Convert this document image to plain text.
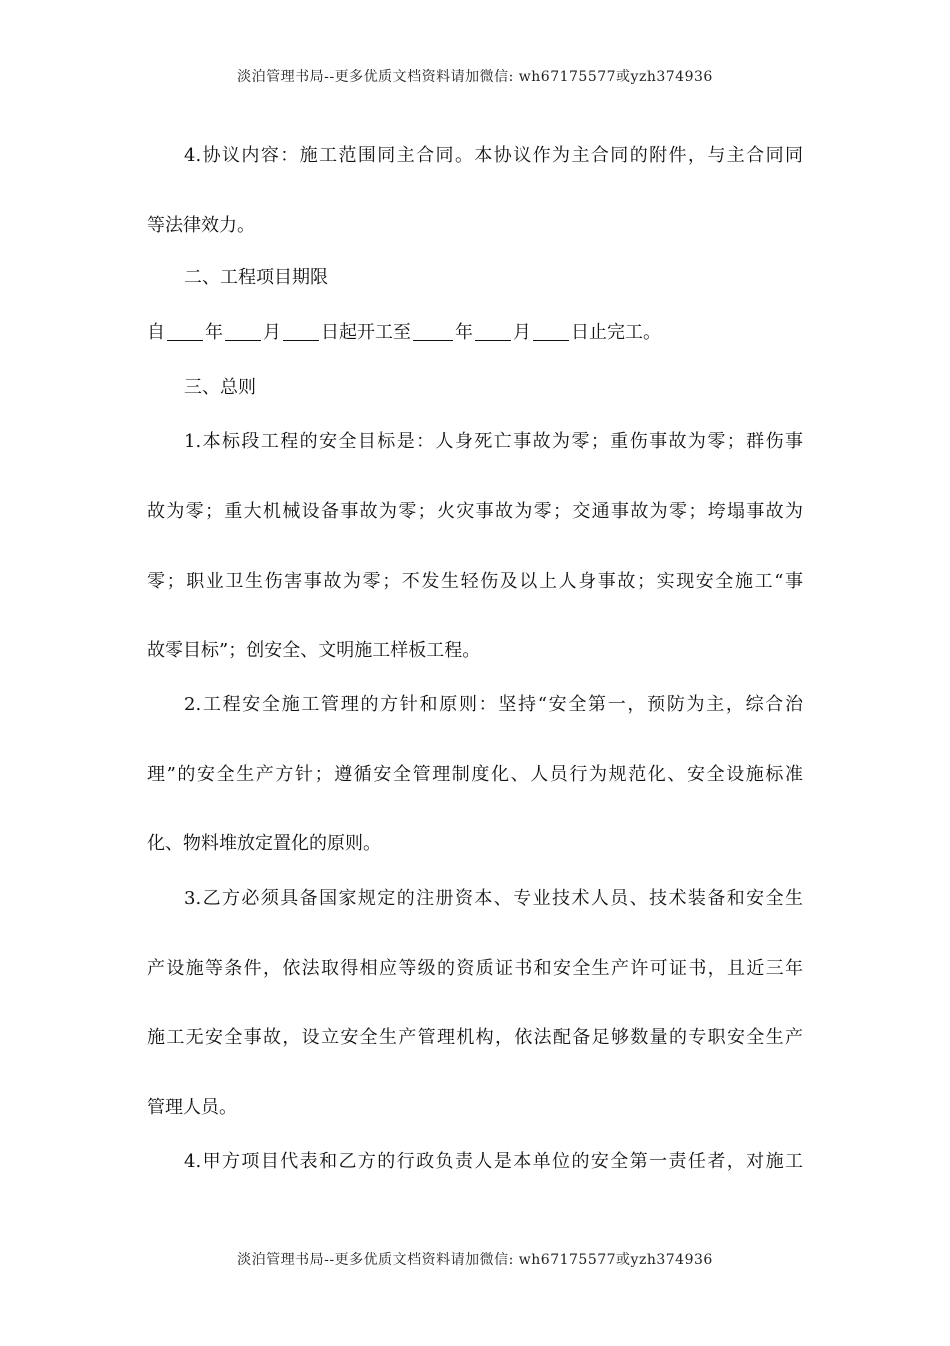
淡泊管理书局--更多优质文档资料请加微信: wh67175577或yzh374936
4.协议内容：施工范围同主合同。本协议作为主合同的附件，与主合同同
等法律效力。
二、工程项目期限
自 年 月 日起开工至 年 月 日止完工。
三、总则
1.本标段工程的安全目标是：人身死亡事故为零；重伤事故为零；群伤事
故为零；重大机械设备事故为零；火灾事故为零；交通事故为零；垮塌事故为
零；职业卫生伤害事故为零；不发生轻伤及以上人身事故；实现安全施工“事
故零目标”；创安全、文明施工样板工程。
2.工程安全施工管理的方针和原则：坚持“安全第一，预防为主，综合治
理”的安全生产方针；遵循安全管理制度化、人员行为规范化、安全设施标准
化、物料堆放定置化的原则。
3.乙方必须具备国家规定的注册资本、专业技术人员、技术装备和安全生
产设施等条件，依法取得相应等级的资质证书和安全生产许可证书，且近三年
施工无安全事故，设立安全生产管理机构，依法配备足够数量的专职安全生产
管理人员。
4.甲方项目代表和乙方的行政负责人是本单位的安全第一责任者，对施工
淡泊管理书局--更多优质文档资料请加微信: wh67175577或yzh374936
